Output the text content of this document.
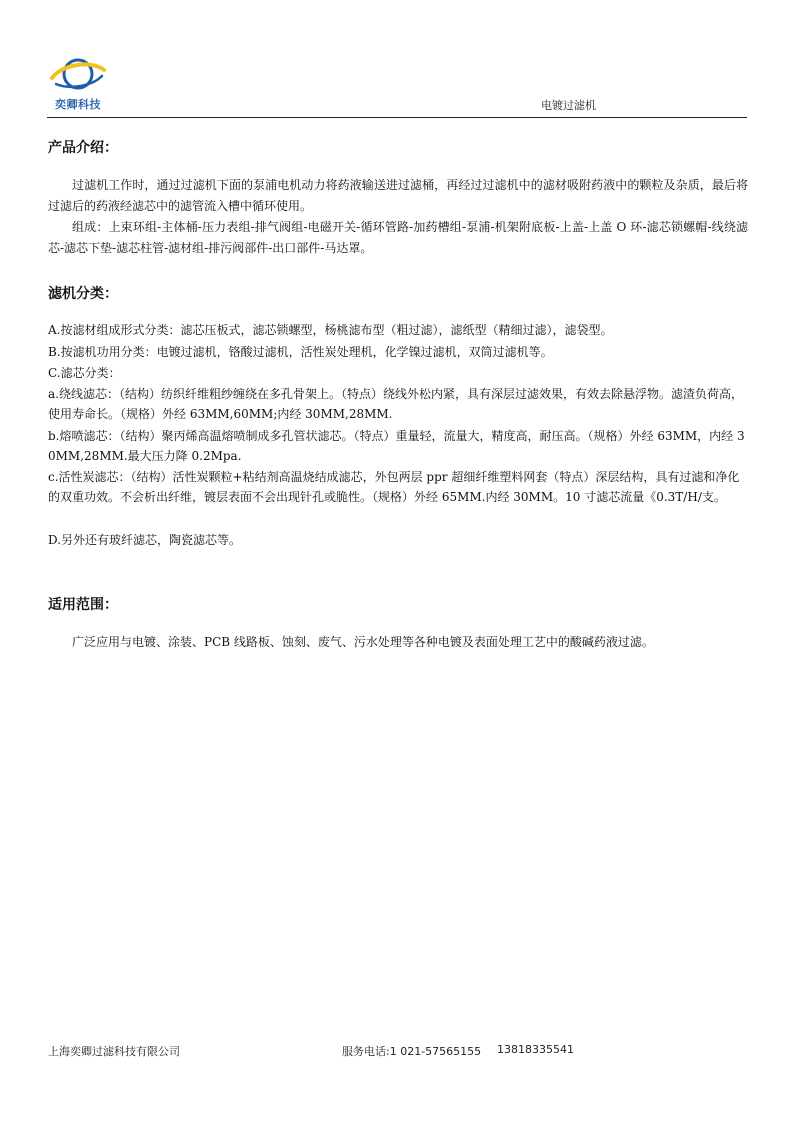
奕卿科技	电镀过滤机
产品介绍：
过滤机工作时，通过过滤机下面的泵浦电机动力将药液输送进过滤桶，再经过过滤机中的滤材吸附药液中的颗粒及杂质，最后将过滤后的药液经滤芯中的滤管流入槽中循环使用。
组成：上束环组-主体桶-压力表组-排气阀组-电磁开关-循环管路-加药槽组-泵浦-机架附底板-上盖-上盖 O 环-滤芯锁螺帽-线绕滤芯-滤芯下垫-滤芯柱管-滤材组-排污阀部件-出口部件-马达罩。
滤机分类：
A.按滤材组成形式分类：滤芯压板式，滤芯锁螺型，杨桃滤布型（粗过滤），滤纸型（精细过滤），滤袋型。
B.按滤机功用分类：电镀过滤机，铬酸过滤机，活性炭处理机，化学镍过滤机，双筒过滤机等。
C.滤芯分类：
a.绕线滤芯：（结构）纺织纤维粗纱缠绕在多孔骨架上。（特点）绕线外松内紧，具有深层过滤效果，有效去除悬浮物。滤渣负荷高，使用寿命长。（规格）外经 63MM,60MM;内经 30MM,28MM.
b.熔喷滤芯：（结构）聚丙烯高温熔喷制成多孔管状滤芯。（特点）重量轻，流量大，精度高，耐压高。（规格）外经 63MM，内经 30MM,28MM.最大压力降 0.2Mpa.
c.活性炭滤芯：（结构）活性炭颗粒+粘结剂高温烧结成滤芯，外包两层 ppr 超细纤维塑料网套（特点）深层结构，具有过滤和净化的双重功效。不会析出纤维，镀层表面不会出现针孔或脆性。（规格）外经 65MM.内经 30MM。10 寸滤芯流量《0.3T/H/支。
D.另外还有玻纤滤芯，陶瓷滤芯等。
适用范围：
广泛应用与电镀、涂装、PCB 线路板、蚀刻、废气、污水处理等各种电镀及表面处理工艺中的酸碱药液过滤。
上海奕卿过滤科技有限公司	服务电话:1 021-57565155 13818335541
